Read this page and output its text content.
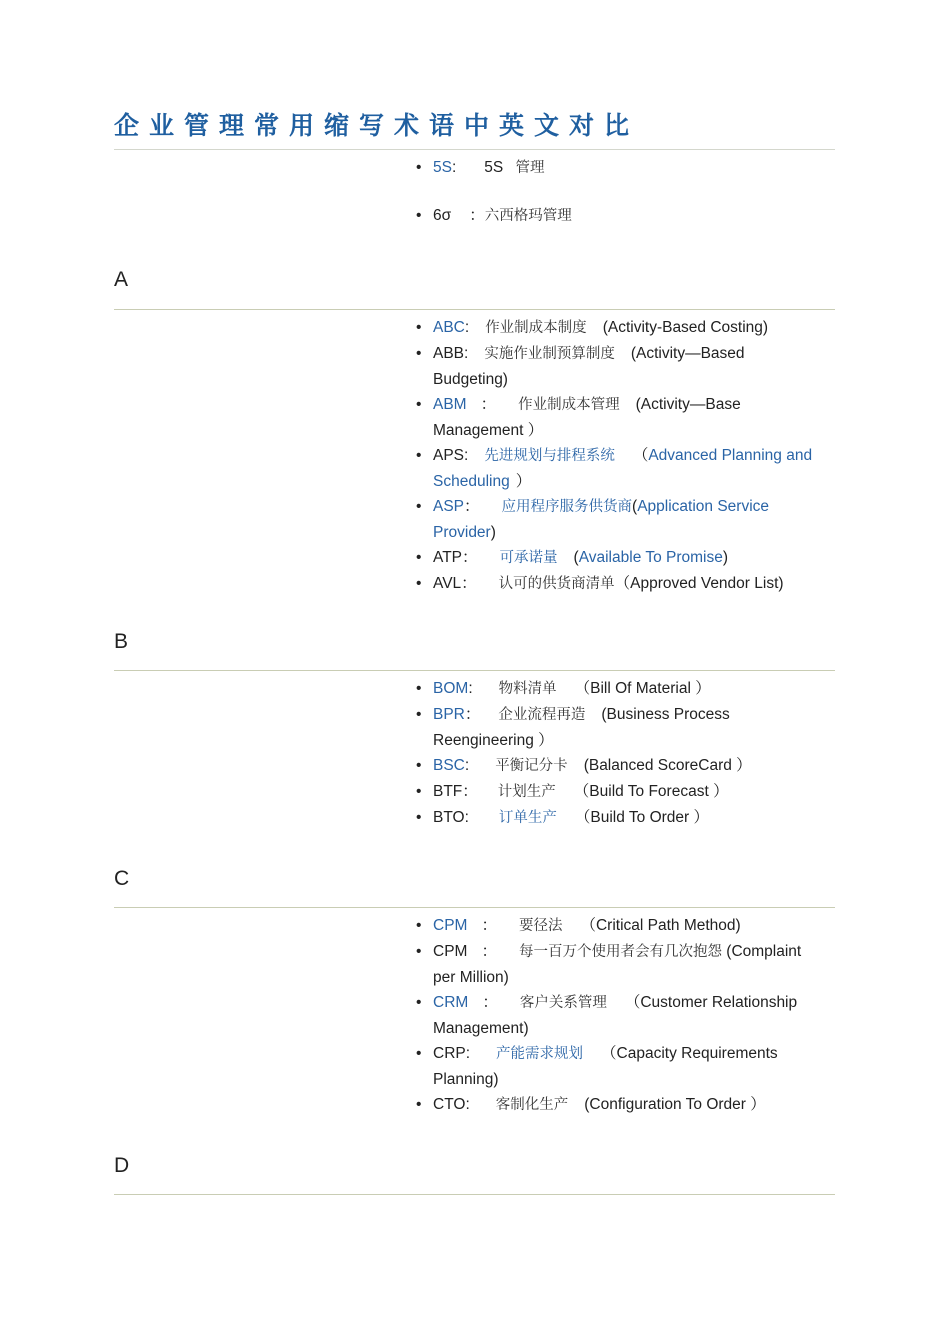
企业管理常用缩写术语中英文对比
• 5S: 5S 管理
• 6σ ：六西格玛管理
A
• ABC: 作业制成本制度 (Activity-Based Costing)
• ABB: 实施作业制预算制度 (Activity—Based Budgeting)
• ABM ： 作业制成本管理 (Activity—Base Management ）
• APS: 先进规划与排程系统 （Advanced Planning and Scheduling ）
• ASP： 应用程序服务供货商(Application Service Provider)
• ATP： 可承诺量 (Available To Promise)
• AVL： 认可的供货商清单（Approved Vendor List)
B
• BOM: 物料清单 （Bill Of Material ）
• BPR： 企业流程再造 (Business Process Reengineering ）
• BSC: 平衡记分卡 (Balanced ScoreCard ）
• BTF： 计划生产 （Build To Forecast ）
• BTO: 订单生产 （Build To Order ）
C
• CPM ： 要径法 （Critical Path Method)
• CPM ： 每一百万个使用者会有几次抱怨 (Complaint per Million)
• CRM ： 客户关系管理 （Customer Relationship Management)
• CRP: 产能需求规划 （Capacity Requirements Planning)
• CTO: 客制化生产 (Configuration To Order ）
D
